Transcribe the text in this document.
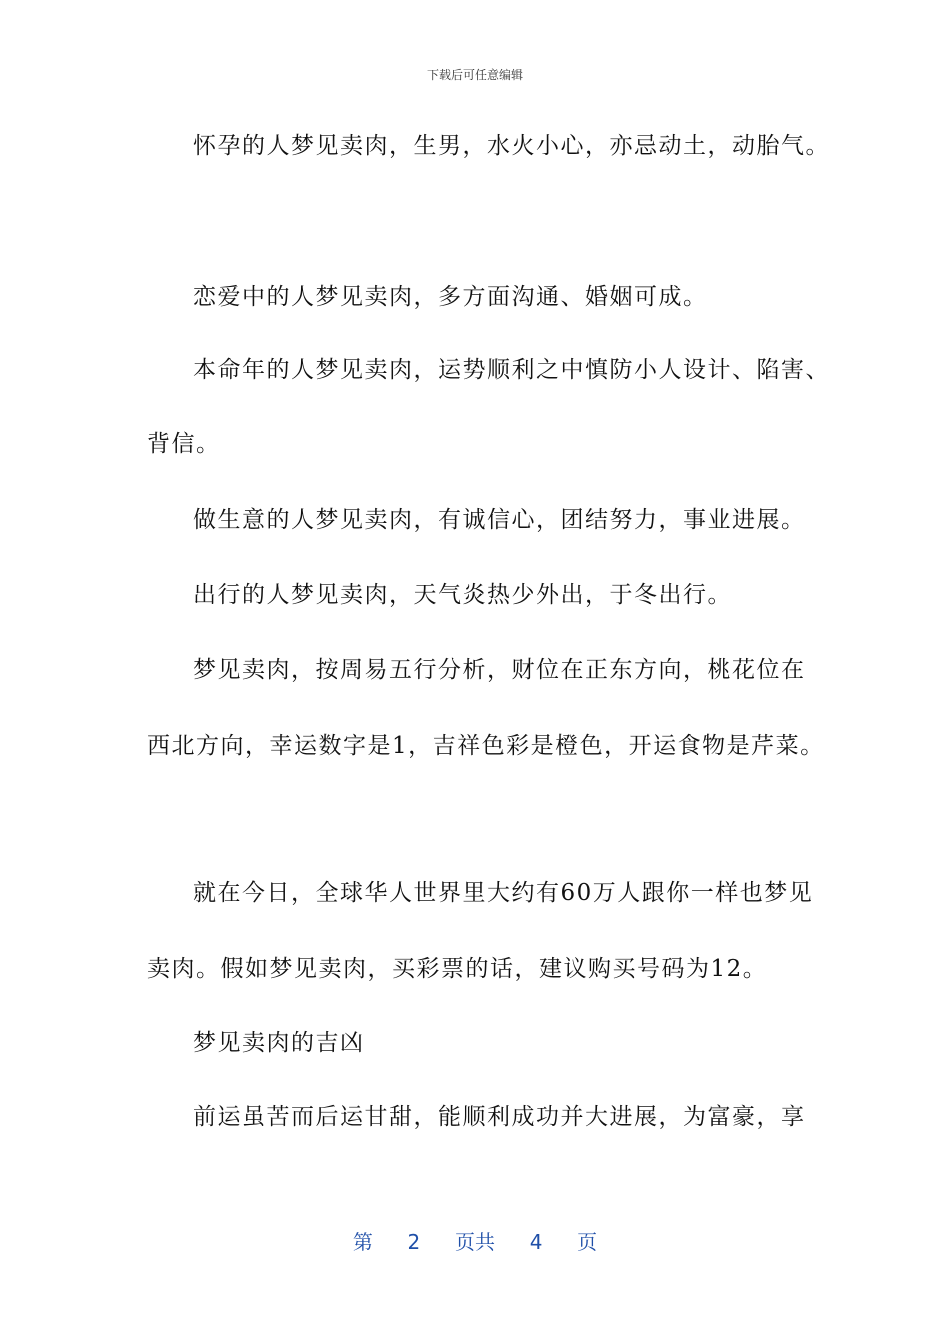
下载后可任意编辑
怀孕的人梦见卖肉，生男，水火小心，亦忌动土，动胎气。
恋爱中的人梦见卖肉，多方面沟通、婚姻可成。
本命年的人梦见卖肉，运势顺利之中慎防小人设计、陷害、
背信。
做生意的人梦见卖肉，有诚信心，团结努力，事业进展。
出行的人梦见卖肉，天气炎热少外出，于冬出行。
梦见卖肉，按周易五行分析，财位在正东方向，桃花位在
西北方向，幸运数字是1，吉祥色彩是橙色，开运食物是芹菜。
就在今日，全球华人世界里大约有60万人跟你一样也梦见
卖肉。假如梦见卖肉，买彩票的话，建议购买号码为12。
梦见卖肉的吉凶
前运虽苦而后运甘甜，能顺利成功并大进展，为富豪，享
第 2 页共 4 页
